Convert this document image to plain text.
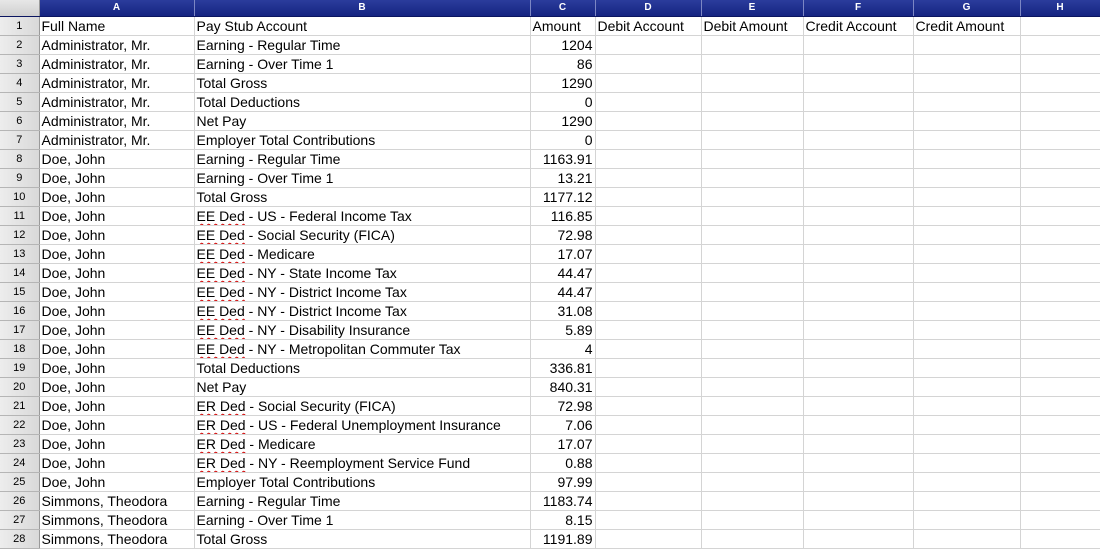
	A	B	C	D	E	F	G	H
1	Full Name	Pay Stub Account	Amount	Debit Account	Debit Amount	Credit Account	Credit Amount	
2	Administrator, Mr.	Earning - Regular Time	1204					
3	Administrator, Mr.	Earning - Over Time 1	86					
4	Administrator, Mr.	Total Gross	1290					
5	Administrator, Mr.	Total Deductions	0					
6	Administrator, Mr.	Net Pay	1290					
7	Administrator, Mr.	Employer Total Contributions	0					
8	Doe, John	Earning - Regular Time	1163.91					
9	Doe, John	Earning - Over Time 1	13.21					
10	Doe, John	Total Gross	1177.12					
11	Doe, John	EE Ded - US - Federal Income Tax	116.85					
12	Doe, John	EE Ded - Social Security (FICA)	72.98					
13	Doe, John	EE Ded - Medicare	17.07					
14	Doe, John	EE Ded - NY - State Income Tax	44.47					
15	Doe, John	EE Ded - NY - District Income Tax	44.47					
16	Doe, John	EE Ded - NY - District Income Tax	31.08					
17	Doe, John	EE Ded - NY - Disability Insurance	5.89					
18	Doe, John	EE Ded - NY - Metropolitan Commuter Tax	4					
19	Doe, John	Total Deductions	336.81					
20	Doe, John	Net Pay	840.31					
21	Doe, John	ER Ded - Social Security (FICA)	72.98					
22	Doe, John	ER Ded - US - Federal Unemployment Insurance	7.06					
23	Doe, John	ER Ded - Medicare	17.07					
24	Doe, John	ER Ded - NY - Reemployment Service Fund	0.88					
25	Doe, John	Employer Total Contributions	97.99					
26	Simmons, Theodora	Earning - Regular Time	1183.74					
27	Simmons, Theodora	Earning - Over Time 1	8.15					
28	Simmons, Theodora	Total Gross	1191.89					
